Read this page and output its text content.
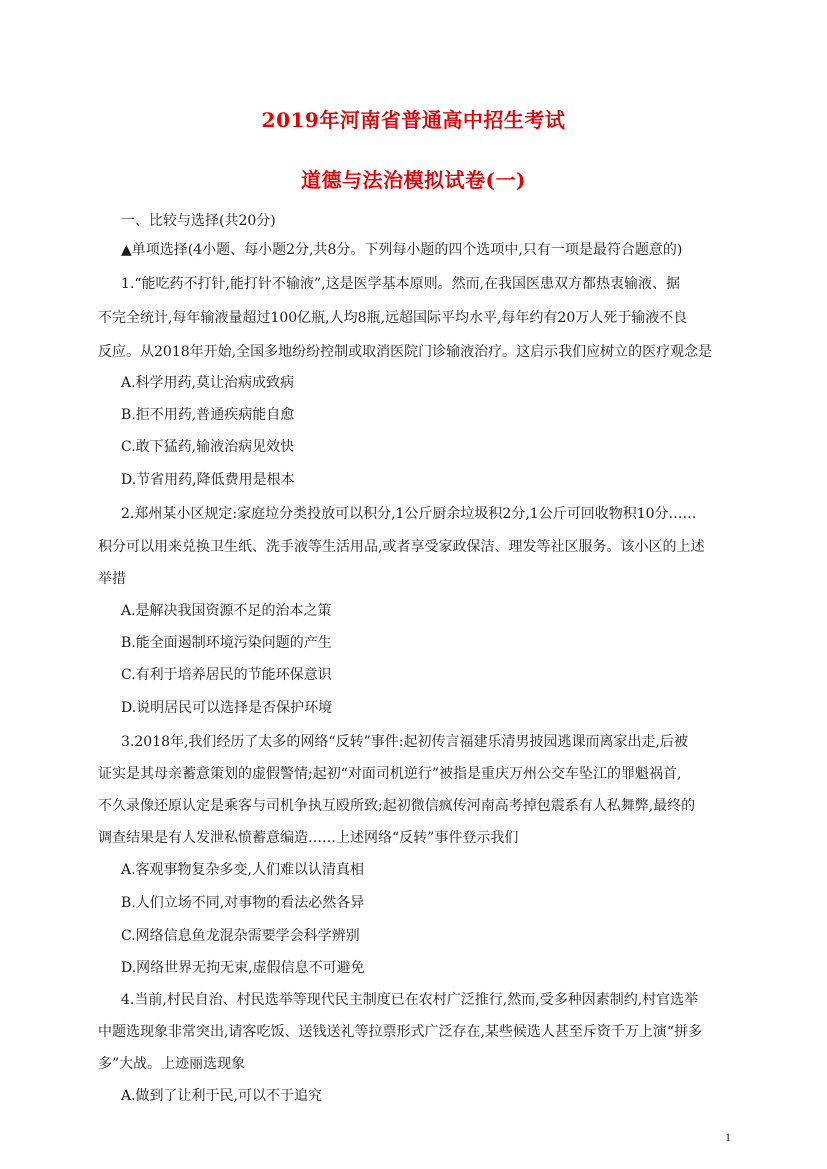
2019年河南省普通高中招生考试
道德与法治模拟试卷(一)
一、比较与选择(共20分)
▲单项选择(4小题、每小题2分,共8分。下列每小题的四个选项中,只有一项是最符合题意的)
1.“能吃药不打针,能打针不输液”,这是医学基本原则。然而,在我国医患双方都热衷输液、据
不完全统计,每年输液量超过100亿瓶,人均8瓶,远超国际平均水平,每年约有20万人死于输液不良
反应。从2018年开始,全国多地纷纷控制或取消医院门诊输液治疗。这启示我们应树立的医疗观念是
A.科学用药,莫让治病成致病
B.拒不用药,普通疾病能自愈
C.敢下猛药,输液治病见效快
D.节省用药,降低费用是根本
2.郑州某小区规定:家庭垃分类投放可以积分,1公斤厨余垃圾积2分,1公斤可回收物积10分……
积分可以用来兑换卫生纸、洗手液等生活用品,或者享受家政保洁、理发等社区服务。该小区的上述
举措
A.是解决我国资源不足的治本之策
B.能全面遏制环境污染问题的产生
C.有利于培养居民的节能环保意识
D.说明居民可以选择是否保护环境
3.2018年,我们经历了太多的网络“反转”事件:起初传言福建乐清男披园逃课而离家出走,后被
证实是其母亲蓄意策划的虚假警情;起初“对面司机逆行”被指是重庆万州公交车坠江的罪魁祸首,
不久录像还原认定是乘客与司机争执互殴所致;起初微信疯传河南高考掉包震系有人私舞弊,最终的
调查结果是有人发泄私愤蓄意编造……上述网络“反转”事件登示我们
A.客观事物复杂多变,人们难以认清真相
B.人们立场不同,对事物的看法必然各异
C.网络信息鱼龙混杂需要学会科学辨别
D.网络世界无拘无束,虚假信息不可避免
4.当前,村民自治、村民选举等现代民主制度已在农村广泛推行,然而,受多种因素制约,村官选举
中题选现象非常突出,请客吃饭、送钱送礼等拉票形式广泛存在,某些候选人甚至斥资千万上演“拼多
多”大战。上迹丽选现象
A.做到了让利于民,可以不于追究
1
